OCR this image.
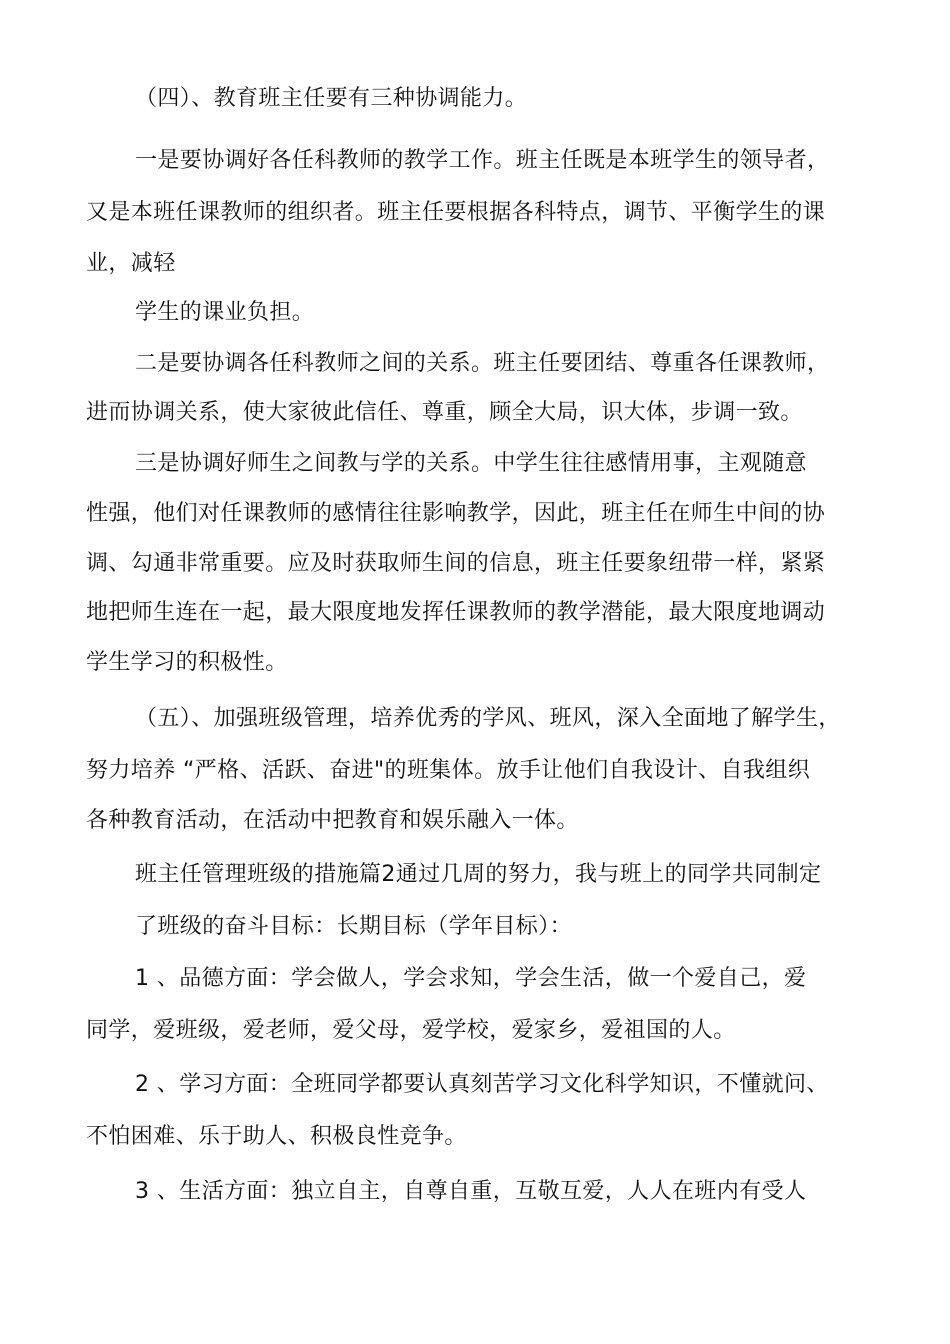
（四）、教育班主任要有三种协调能力。
一是要协调好各任科教师的教学工作。班主任既是本班学生的领导者，
又是本班任课教师的组织者。班主任要根据各科特点，调节、平衡学生的课
业，减轻
学生的课业负担。
二是要协调各任科教师之间的关系。班主任要团结、尊重各任课教师，
进而协调关系，使大家彼此信任、尊重，顾全大局，识大体，步调一致。
三是协调好师生之间教与学的关系。中学生往往感情用事，主观随意
性强，他们对任课教师的感情往往影响教学，因此，班主任在师生中间的协
调、勾通非常重要。应及时获取师生间的信息，班主任要象纽带一样，紧紧
地把师生连在一起，最大限度地发挥任课教师的教学潜能，最大限度地调动
学生学习的积极性。
（五）、加强班级管理，培养优秀的学风、班风，深入全面地了解学生，
努力培养 “严格、活跃、奋进"的班集体。放手让他们自我设计、自我组织
各种教育活动，在活动中把教育和娱乐融入一体。
班主任管理班级的措施篇2通过几周的努力，我与班上的同学共同制定
了班级的奋斗目标：长期目标（学年目标）：
1 、品德方面：学会做人，学会求知，学会生活，做一个爱自己，爱
同学，爱班级，爱老师，爱父母，爱学校，爱家乡，爱祖国的人。
2 、学习方面：全班同学都要认真刻苦学习文化科学知识，不懂就问、
不怕困难、乐于助人、积极良性竞争。
3 、生活方面：独立自主，自尊自重，互敬互爱，人人在班内有受人
